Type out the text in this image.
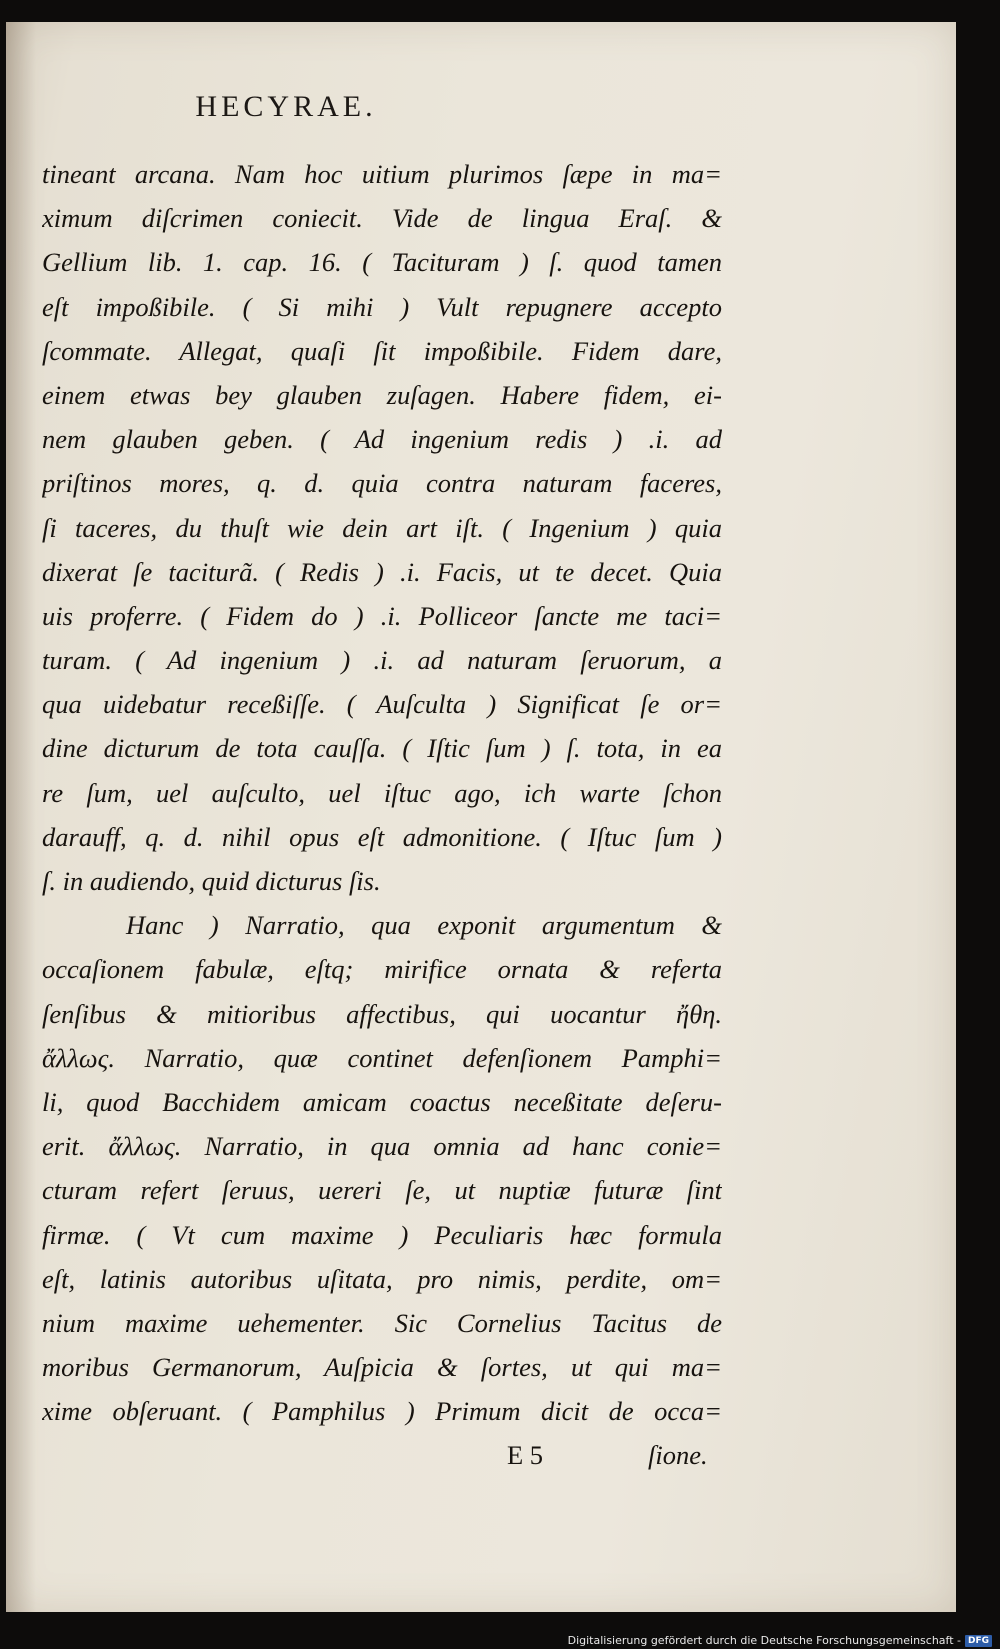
HECYRAE.
tineant arcana. Nam hoc uitium plurimos ſæpe in ma=
ximum diſcrimen coniecit. Vide de lingua Eraſ. &
Gellium lib. 1. cap. 16. ( Tacituram ) ſ. quod tamen
eſt impoßibile. ( Si mihi ) Vult repugnere accepto
ſcommate. Allegat, quaſi ſit impoßibile. Fidem dare,
einem etwas bey glauben zuſagen. Habere fidem, ei-
nem glauben geben. ( Ad ingenium redis ) .i. ad
priſtinos mores, q. d. quia contra naturam faceres,
ſi taceres, du thuſt wie dein art iſt. ( Ingenium ) quia
dixerat ſe taciturã. ( Redis ) .i. Facis, ut te decet. Quia
uis proferre. ( Fidem do ) .i. Polliceor ſancte me taci=
turam. ( Ad ingenium ) .i. ad naturam ſeruorum, a
qua uidebatur receßiſſe. ( Auſculta ) Significat ſe or=
dine dicturum de tota cauſſa. ( Iſtic ſum ) ſ. tota, in ea
re ſum, uel auſculto, uel iſtuc ago, ich warte ſchon
darauff, q. d. nihil opus eſt admonitione. ( Iſtuc ſum )
ſ. in audiendo, quid dicturus ſis.
Hanc ) Narratio, qua exponit argumentum &
occaſionem fabulæ, eſtq; mirifice ornata & referta
ſenſibus & mitioribus affectibus, qui uocantur ἤθη.
ἄλλως. Narratio, quæ continet defenſionem Pamphi=
li, quod Bacchidem amicam coactus neceßitate deſeru-
erit. ἄλλως. Narratio, in qua omnia ad hanc conie=
cturam refert ſeruus, uereri ſe, ut nuptiæ futuræ ſint
firmæ. ( Vt cum maxime ) Peculiaris hæc formula
eſt, latinis autoribus uſitata, pro nimis, perdite, om=
nium maxime uehementer. Sic Cornelius Tacitus de
moribus Germanorum, Auſpicia & ſortes, ut qui ma=
xime obſeruant. ( Pamphilus ) Primum dicit de occa=
E 5	ſione.
Digitalisierung gefördert durch die Deutsche Forschungsgemeinschaft - DFG
